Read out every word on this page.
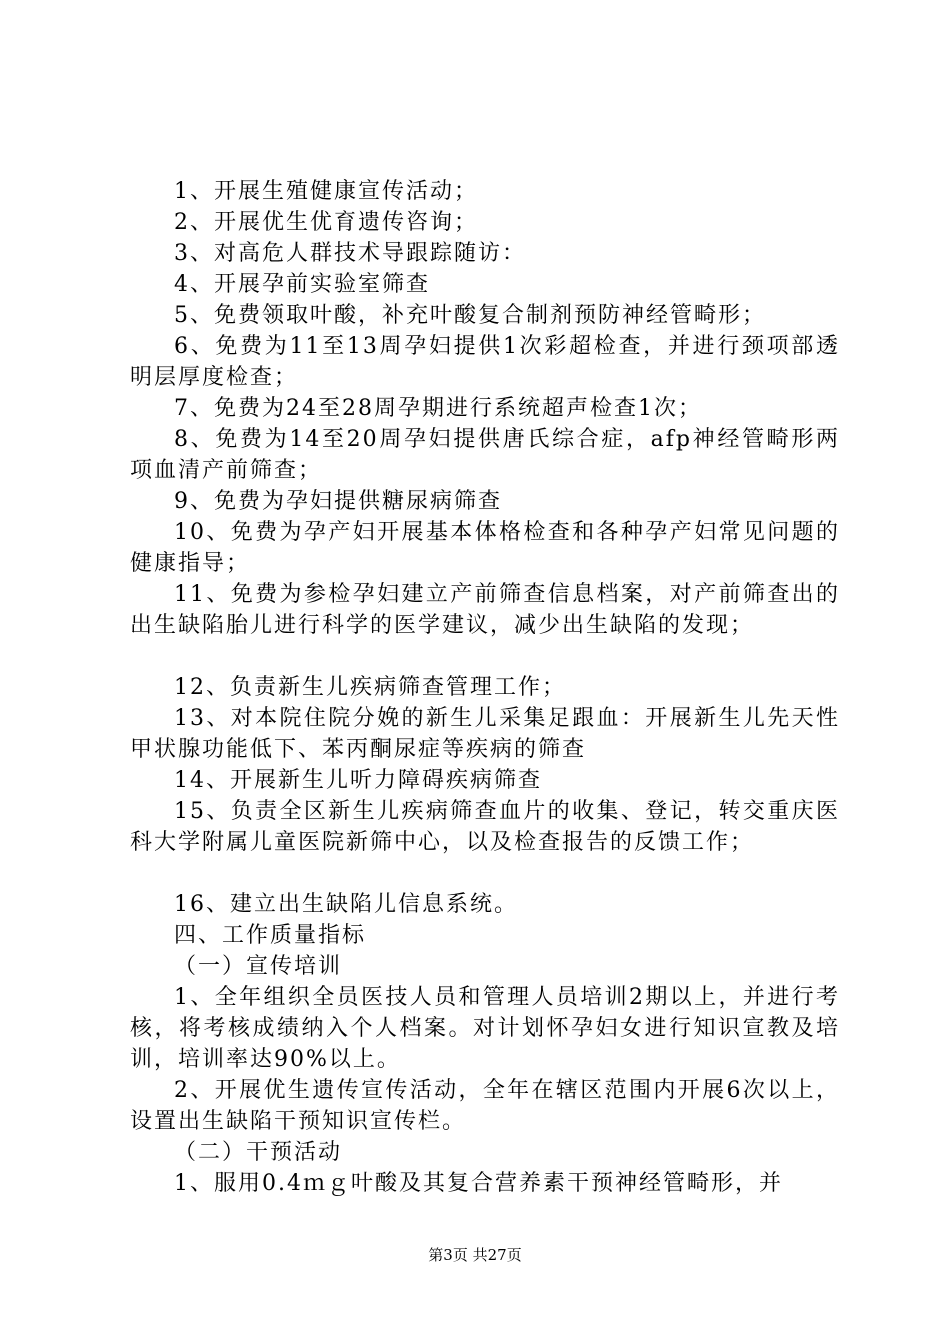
1、开展生殖健康宣传活动；

2、开展优生优育遗传咨询；

3、对高危人群技术导跟踪随访：

4、开展孕前实验室筛查

5、免费领取叶酸，补充叶酸复合制剂预防神经管畸形；

6、免费为11至13周孕妇提供1次彩超检查，并进行颈项部透明层厚度检查；

7、免费为24至28周孕期进行系统超声检查1次；

8、免费为14至20周孕妇提供唐氏综合症，afp神经管畸形两项血清产前筛查；

9、免费为孕妇提供糖尿病筛查

10、免费为孕产妇开展基本体格检查和各种孕产妇常见问题的健康指导；

11、免费为参检孕妇建立产前筛查信息档案，对产前筛查出的出生缺陷胎儿进行科学的医学建议，减少出生缺陷的发现；

12、负责新生儿疾病筛查管理工作；

13、对本院住院分娩的新生儿采集足跟血：开展新生儿先天性甲状腺功能低下、苯丙酮尿症等疾病的筛查

14、开展新生儿听力障碍疾病筛查

15、负责全区新生儿疾病筛查血片的收集、登记，转交重庆医科大学附属儿童医院新筛中心，以及检查报告的反馈工作；

16、建立出生缺陷儿信息系统。

四、工作质量指标

（一）宣传培训

1、全年组织全员医技人员和管理人员培训2期以上，并进行考核，将考核成绩纳入个人档案。对计划怀孕妇女进行知识宣教及培训，培训率达90%以上。

2、开展优生遗传宣传活动，全年在辖区范围内开展6次以上，设置出生缺陷干预知识宣传栏。

（二）干预活动

1、服用0.4ｍｇ叶酸及其复合营养素干预神经管畸形，并

第3页 共27页
